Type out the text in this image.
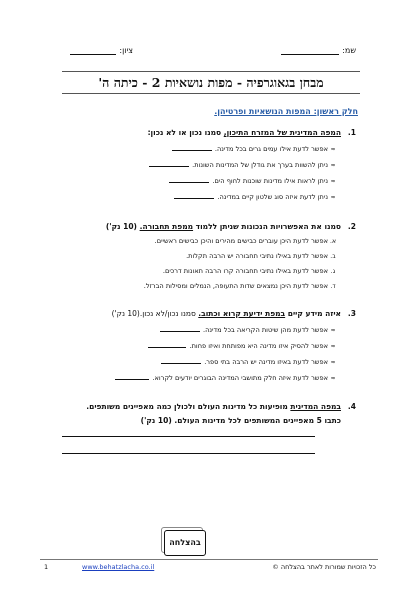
שמ:
ציון:
מבחן בגאוגרפיה - מפות נושאיות 2 - כיתה ה'
חלק ראשון: המפות הנושאיות ופרטיהן.
1.המפה המדינית של המזרח התיכון, סמנו נכון או לא נכון:
≈אפשר לדעת אילו עמים גרים בכל מדינה.
≈ניתן להשוות בערך את גודלן של המדינות השונות.
≈ניתן לראות אילו מדינות שוכנות לחוף הים.
≈ניתן לדעת איזה סוג שלטון קיים במדינה.
2.סמנו את האפשרויות הנכונות שניתן ללמוד ממפת תחבורה. (10 נק')
א.אפשר לדעת היכן עוברים כבישים מהירים והיכן כבישים ראשיים.
ב.אפשר לדעת באילו נתיבי תחבורה יש הרבה תקלות.
ג.אפשר לדעת באילו נתיבי תחבורה קרו הרבה תאונות דרכים.
ד.אפשר לדעת היכן נמצאים שדות התעופה, הנמלים ומסילות הברזל.
3.איזה מידע קיים במפת ידיעת קרוא וכתוב. סמנו נכון/לא נכון.(10 נק')
≈אפשר לדעת מהן שיטות הקריאה בכל מדינה.
≈אפשר להסיק איזו מדינה היא מפותחת ואיזו פחות.
≈אפשר לדעת באיזו מדינה יש הרבה בתי ספר.
≈אפשר לדעת איזה חלק מתושבי המדינה הבוגרים יודעים לקרוא.
4.במפה המדינית מופיעות כל מדינות העולם ולכולן כמה מאפיינים משותפים.
כתבו 5 מאפיינים המשותפים לכל מדינות העולם. (10 נק')
בהצלחה
כל הזכויות שמורות לאתר בהצלחה ©
www.behatzlacha.co.il
1
